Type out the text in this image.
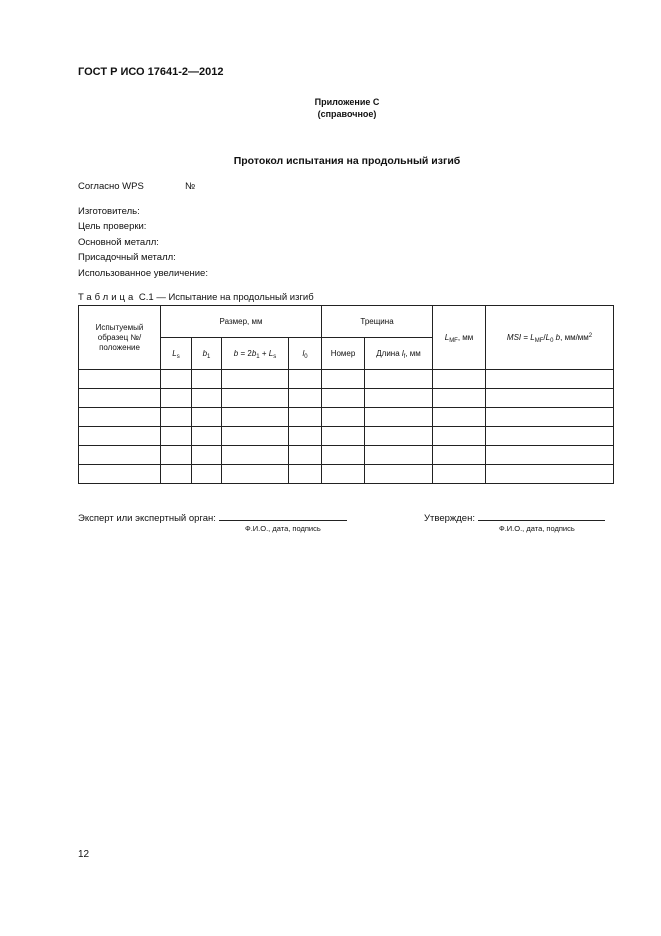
ГОСТ Р ИСО 17641-2—2012
Приложение С
(справочное)
Протокол испытания на продольный изгиб
Согласно WPS	№
Изготовитель:
Цель проверки:
Основной металл:
Присадочный металл:
Использованное увеличение:
Таблица С.1 — Испытание на продольный изгиб
Испытуемый образец №/положение	Размер, мм				Трещина		$L_{MF}$, мм	MSI = $L_{MF}/L_0$ b, $мм/мм^2$
	$L_s$	$b_1$	$b = 2b_1 + L_s$	$l_0$	Номер	Длина $l_f$, мм		

Эксперт или экспертный орган:
Ф.И.О., дата, подпись
Утвержден:
Ф.И.О., дата, подпись
12
